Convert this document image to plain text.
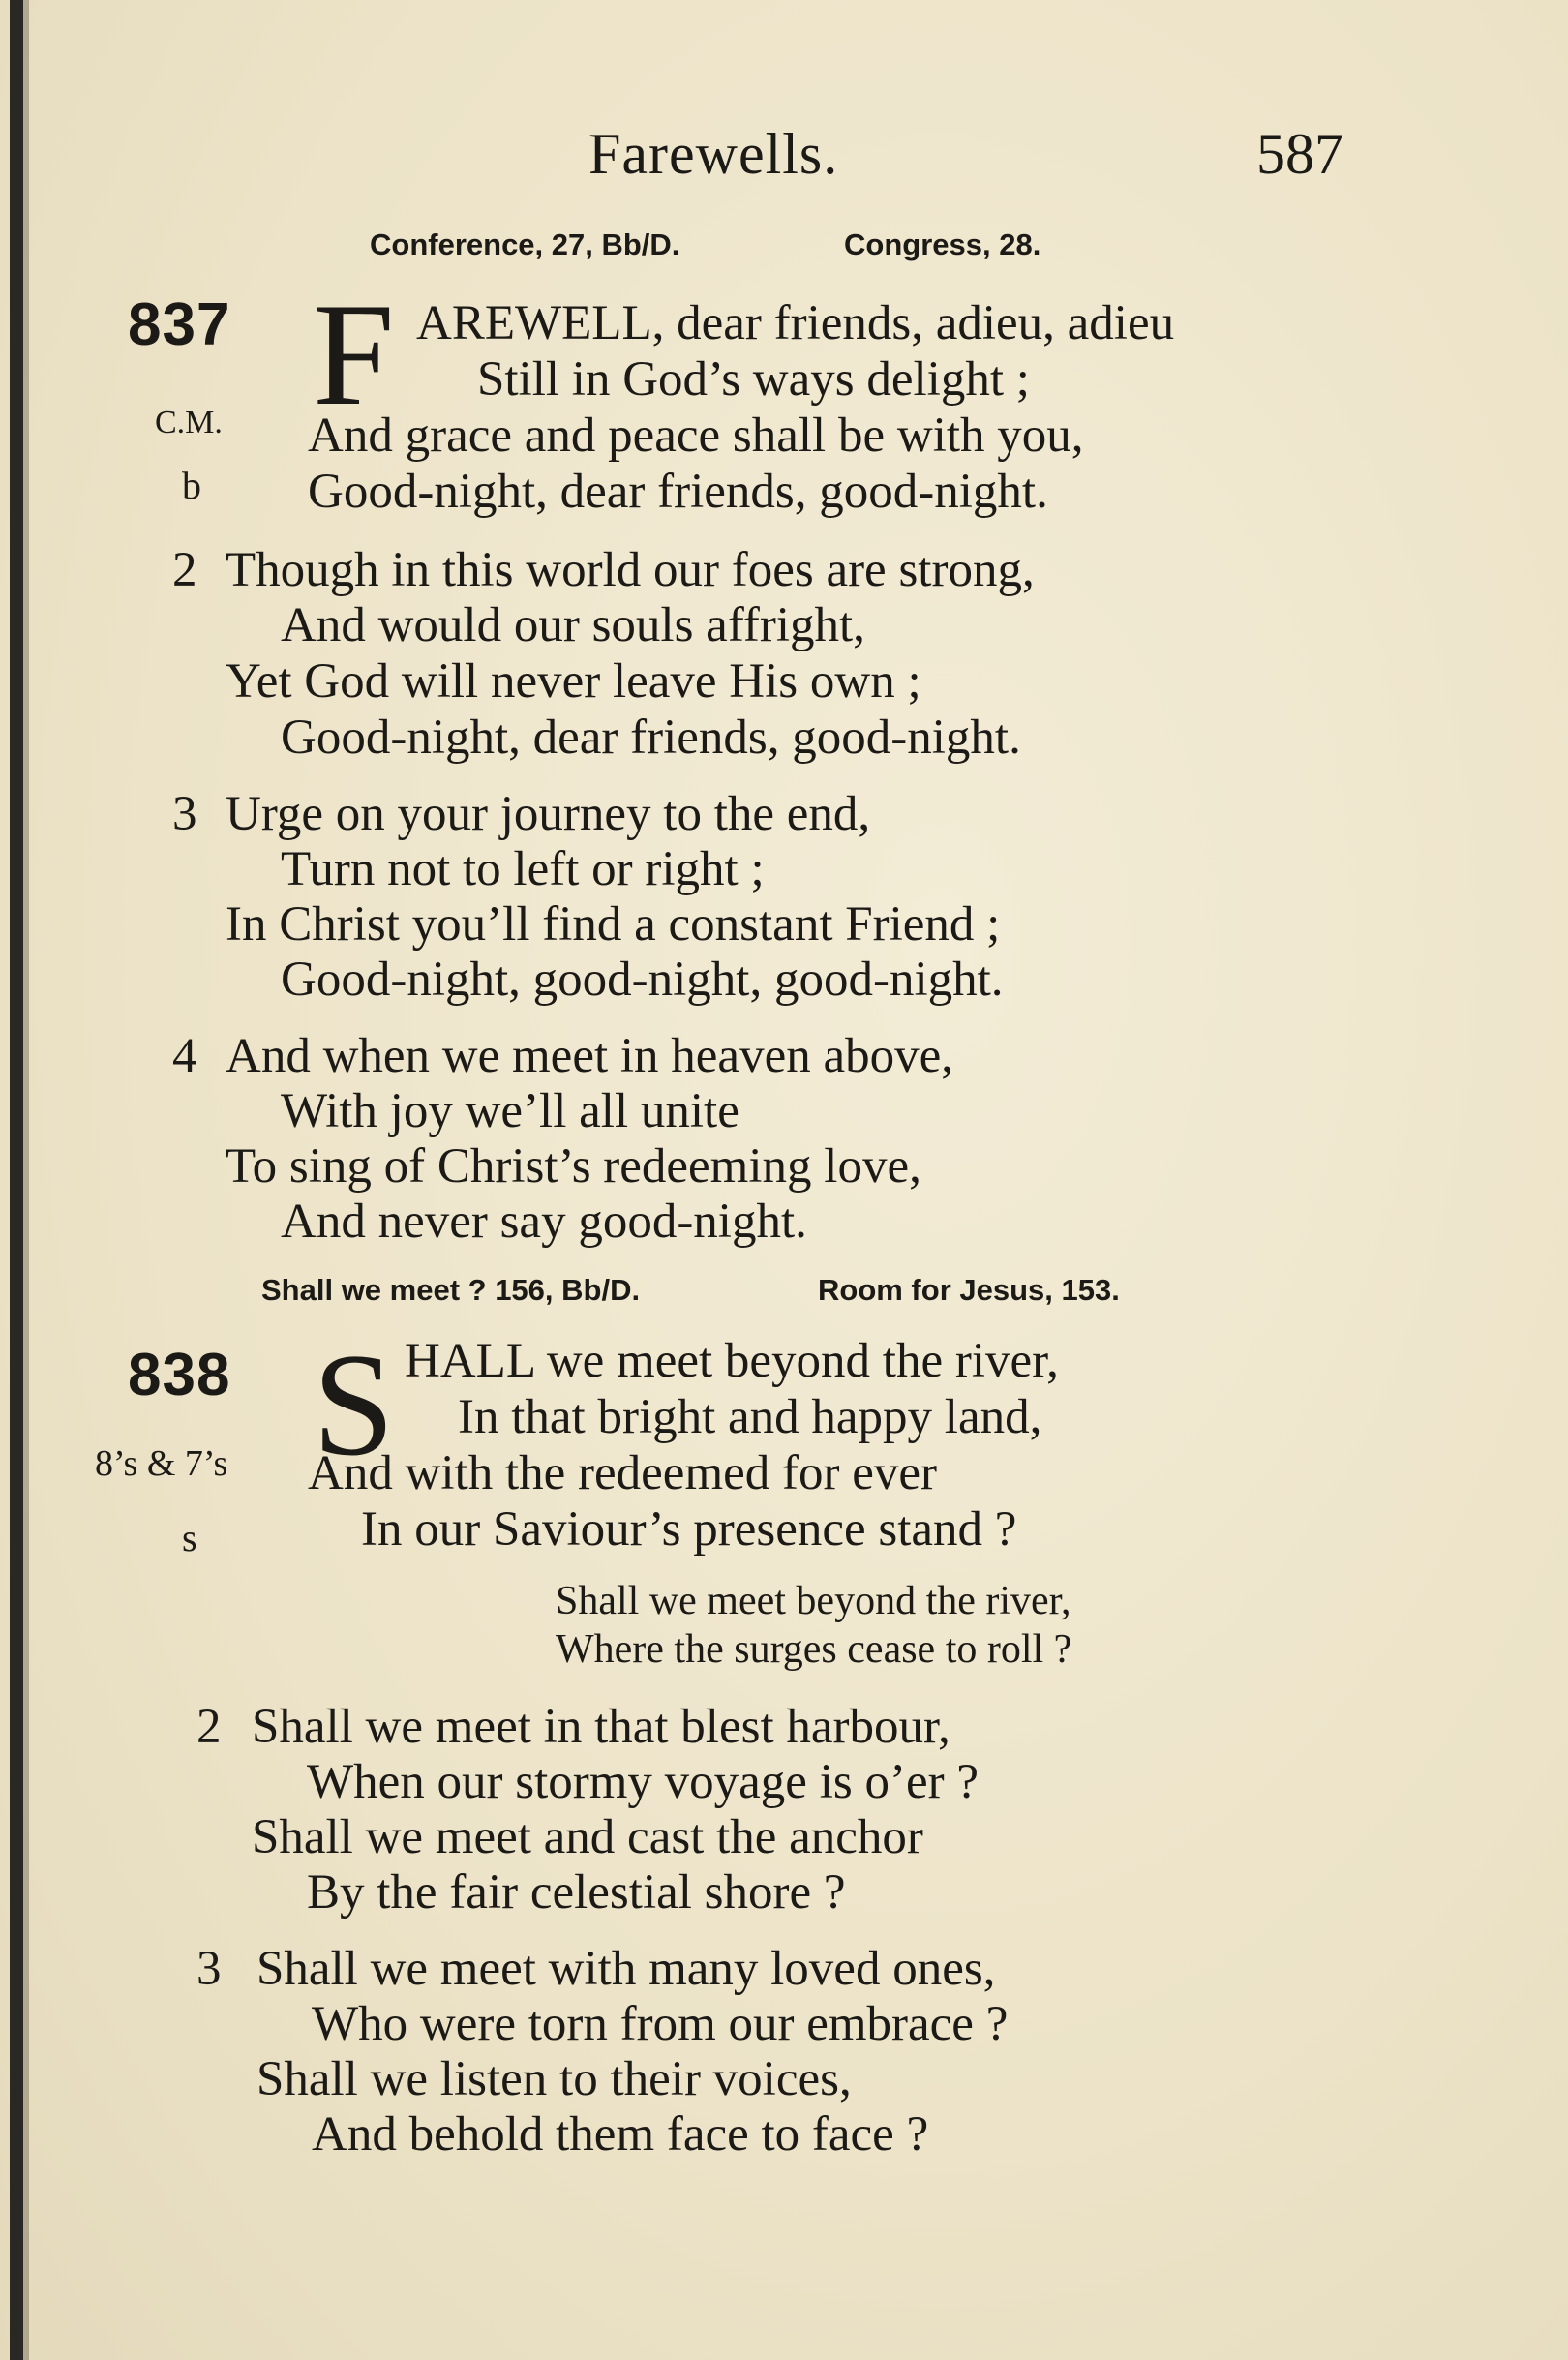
Farewells.	587
Conference, 27, Bb/D.	Congress, 28.
837
C.M.
b
F AREWELL, dear friends, adieu, adieu
Still in God’s ways delight ;
And grace and peace shall be with you,
Good-night, dear friends, good-night.
2 Though in this world our foes are strong,
And would our souls affright,
Yet God will never leave His own ;
Good-night, dear friends, good-night.
3 Urge on your journey to the end,
Turn not to left or right ;
In Christ you’ll find a constant Friend ;
Good-night, good-night, good-night.
4 And when we meet in heaven above,
With joy we’ll all unite
To sing of Christ’s redeeming love,
And never say good-night.
Shall we meet ? 156, Bb/D.	Room for Jesus, 153.
838
8’s & 7’s
s
S HALL we meet beyond the river,
In that bright and happy land,
And with the redeemed for ever
In our Saviour’s presence stand ?
Shall we meet beyond the river,
Where the surges cease to roll ?
2 Shall we meet in that blest harbour,
When our stormy voyage is o’er ?
Shall we meet and cast the anchor
By the fair celestial shore ?
3 Shall we meet with many loved ones,
Who were torn from our embrace ?
Shall we listen to their voices,
And behold them face to face ?
